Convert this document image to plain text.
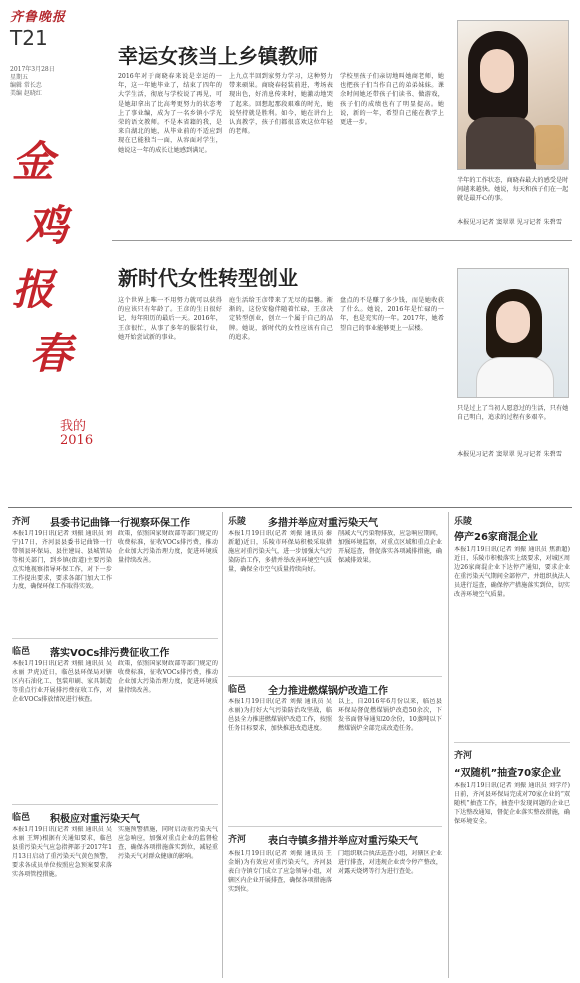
齐鲁晚报
T21
2017年3月28日
星期五
编辑 常长忠
美编 赵晓红
金
鸡
报
春
我的2016
幸运女孩当上乡镇教师
2016年对于商晓春来说是幸运的一年，这一年她毕业了，结束了四年的大学生活，彻底与学校说了再见，可是她却拿出了比高考更努力的状态考上了事业编，成为了一名乡镇小学光荣的语文教师。不是本省籍的我，是来自湖北的她，从毕业前的不适应到现在已能独当一面，从容面对学生，她说这一年的成长让她感到满足。
上九点半回到家努力学习，这种努力带来硕果。商晓春轻装前进，考场表现出色，好消息传来时，她激动地哭了起来。回想起那段艰难的时光，她说坚持就是胜利。如今，她在讲台上认真教学，孩子们都很喜欢这位年轻的老师。
学校里孩子们亲切地叫她商老师，她也把孩子们当作自己的弟弟妹妹。课余时间她还带孩子们读书、做游戏，孩子们的成绩也有了明显提高。她说，新的一年，希望自己能在教学上更进一步。
半年的工作状态，商晓春最大的感受是时间越来越快。她说，每天和孩子们在一起就是最开心的事。
本报见习记者 窦翠翠 见习记者 朱碧雪
新时代女性转型创业
这个世界上唯一不用努力就可以获得的应该只有年龄了。王彦的生日很好记，每年阳历的最后一天。2016年，王彦很忙，从事了多年的服装行业，她开始尝试新的事业。
庭生活给王彦带来了无尽的温馨。渐渐的，这份安稳伴随着忙碌，王彦决定转型创业，创立一个属于自己的品牌。她说，新时代的女性应该有自己的追求。
盘点的不是赚了多少钱，而是她收获了什么。她说，2016年是忙碌的一年，也是充实的一年。2017年，她希望自己的事业能够更上一层楼。
只是过上了当初人愿意过的生活，只有她自己明白，追求的过程有多艰辛。
本报见习记者 窦翠翠 见习记者 朱碧雪
齐河 县委书记曲锋一行视察环保工作
本报1月19日讯(记者 刘振 通讯员 刘宁)17日，齐河县县委书记曲锋一行带领县环保局、县住建局、县城管局等相关部门，到乡镇(街道)主要污染点实地视察指导环保工作，对下一步工作提出要求，要求各部门加大工作力度，确保环保工作取得实效。
政策，依照国家财政部等部门规定的收费标准，征收VOCs排污费，推动企业加大污染治理力度，促进环境质量持续改善。
临邑 落实VOCs排污费征收工作
本报1月19日讯(记者 刘振 通讯员 吴永丽 尹虎)近日，临邑县环保局对辖区内石油化工、包装印刷、家具制造等重点行业开展排污费征收工作，对企业VOCs排放情况进行核查。
政策，依照国家财政部等部门规定的收费标准，征收VOCs排污费，推动企业加大污染治理力度，促进环境质量持续改善。
临邑 积极应对重污染天气
本报1月19日讯(记者 刘振 通讯员 吴永丽 王辉)根据有关通知要求，临邑县重污染天气应急指挥部于2017年1月13日启动了重污染天气黄色预警，要求各成员单位按照应急预案要求落实各项管控措施。
实施预警措施，同时启动重污染天气应急响应，加强对重点企业的监督检查，确保各项措施落实到位，减轻重污染天气对群众健康的影响。
乐陵 多措并举应对重污染天气
本报1月19日讯(记者 刘振 通讯员 秦新超)近日，乐陵市环保局积极采取措施应对重污染天气，进一步加强大气污染防治工作，多措并举改善环境空气质量，确保全市空气质量持续向好。
削减大气污染物排放，应急响应期间，加强环境监察，对重点区域和重点企业开展巡查，督促落实各项减排措施，确保减排效果。
临邑 全力推进燃煤锅炉改造工作
本报1月19日讯(记者 刘振 通讯员 吴永丽)为打好大气污染防治攻坚战，临邑县全力推进燃煤锅炉改造工作，按照任务目标要求，加快推进改造进度。
以上，自2016年6月份以来，临邑县环保局督促燃煤锅炉改造50余次，下发书面督导通知20余份，10蒸吨以下燃煤锅炉全部完成改造任务。
齐河 表白寺镇多措并举应对重污染天气
本报1月19日讯(记者 刘振 通讯员 王金娟)为有效应对重污染天气，齐河县表白寺镇专门成立了应急领导小组，对辖区内企业开展排查，确保各项措施落实到位。
门组织联合执法巡查小组，对辖区企业进行排查，对违规企业责令停产整改，对露天烧烤等行为进行查处。
乐陵
停产26家商混企业
本报1月19日讯(记者 刘振 通讯员 焦新超)近日，乐陵市积极落实上级要求，对城区周边26家商混企业下达停产通知，要求企业在重污染天气期间全部停产，并组织执法人员进行巡查，确保停产措施落实到位，切实改善环境空气质量。
齐河
“双随机”抽查70家企业
本报1月19日讯(记者 刘振 通讯员 刘学芹)日前，齐河县环保局完成对70家企业的“双随机”抽查工作，抽查中发现问题的企业已下达整改通知，督促企业落实整改措施，确保环境安全。
